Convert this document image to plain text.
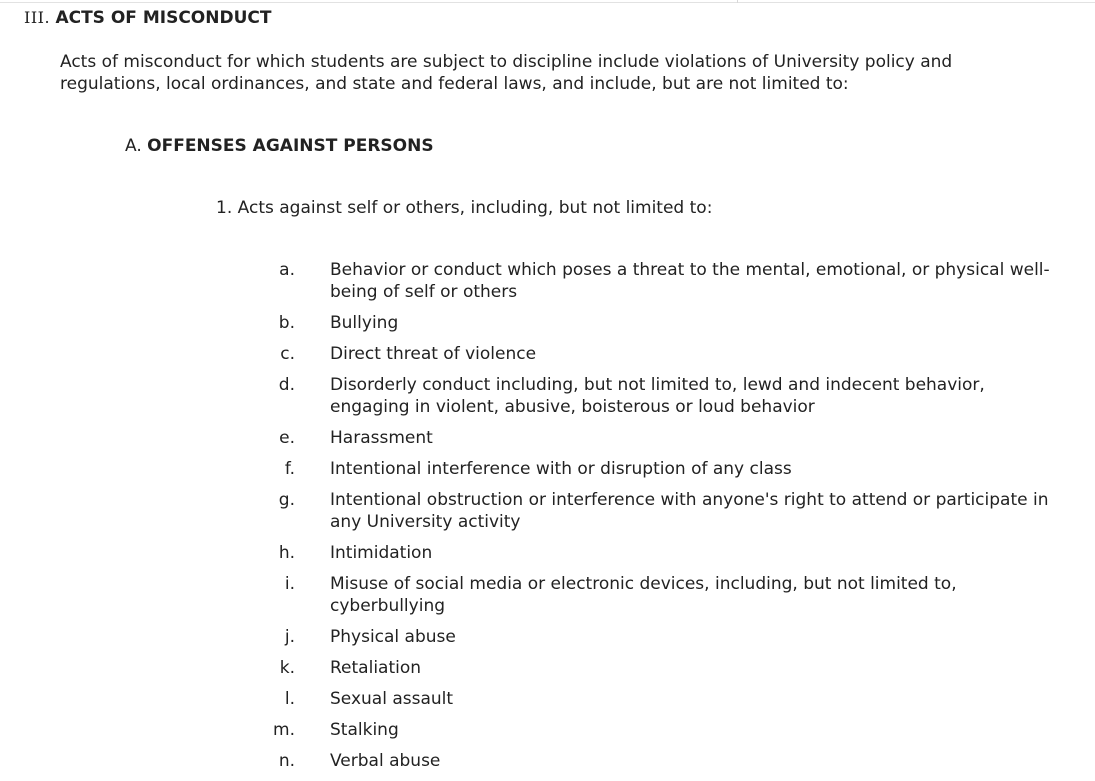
III. ACTS OF MISCONDUCT

Acts of misconduct for which students are subject to discipline include violations of University policy and regulations, local ordinances, and state and federal laws, and include, but are not limited to:

A. OFFENSES AGAINST PERSONS
1. Acts against self or others, including, but not limited to:
a. Behavior or conduct which poses a threat to the mental, emotional, or physical well-being of self or others
b. Bullying
c. Direct threat of violence
d. Disorderly conduct including, but not limited to, lewd and indecent behavior, engaging in violent, abusive, boisterous or loud behavior
e. Harassment
f. Intentional interference with or disruption of any class
g. Intentional obstruction or interference with anyone's right to attend or participate in any University activity
h. Intimidation
i. Misuse of social media or electronic devices, including, but not limited to, cyberbullying
j. Physical abuse
k. Retaliation
l. Sexual assault
m. Stalking
n. Verbal abuse
